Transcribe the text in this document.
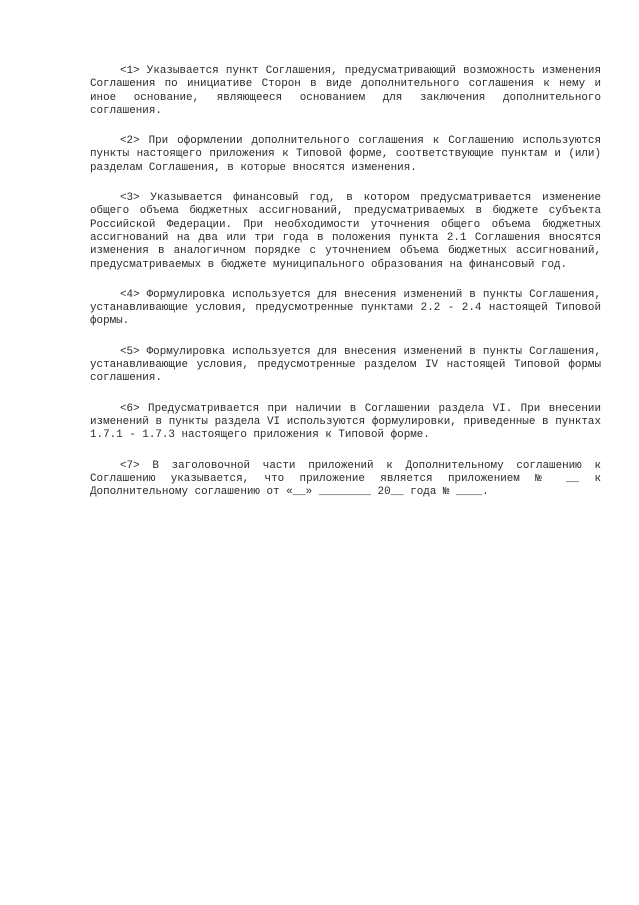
<1> Указывается пункт Соглашения, предусматривающий возможность изменения Соглашения по инициативе Сторон в виде дополнительного соглашения к нему и иное основание, являющееся основанием для заключения дополнительного соглашения.

<2> При оформлении дополнительного соглашения к Соглашению используются пункты настоящего приложения к Типовой форме, соответствующие пунктам и (или) разделам Соглашения, в которые вносятся изменения.

<3> Указывается финансовый год, в котором предусматривается изменение общего объема бюджетных ассигнований, предусматриваемых в бюджете субъекта Российской Федерации. При необходимости уточнения общего объема бюджетных ассигнований на два или три года в положения пункта 2.1 Соглашения вносятся изменения в аналогичном порядке с уточнением объема бюджетных ассигнований, предусматриваемых в бюджете муниципального образования на финансовый год.

<4> Формулировка используется для внесения изменений в пункты Соглашения, устанавливающие условия, предусмотренные пунктами 2.2 - 2.4 настоящей Типовой формы.

<5> Формулировка используется для внесения изменений в пункты Соглашения, устанавливающие условия, предусмотренные разделом IV настоящей Типовой формы соглашения.

<6> Предусматривается при наличии в Соглашении раздела VI. При внесении изменений в пункты раздела VI используются формулировки, приведенные в пунктах 1.7.1 - 1.7.3 настоящего приложения к Типовой форме.

<7> В заголовочной части приложений к Дополнительному соглашению к Соглашению указывается, что приложение является приложением № __ к Дополнительному соглашению от «__» ________ 20__ года № ____.
